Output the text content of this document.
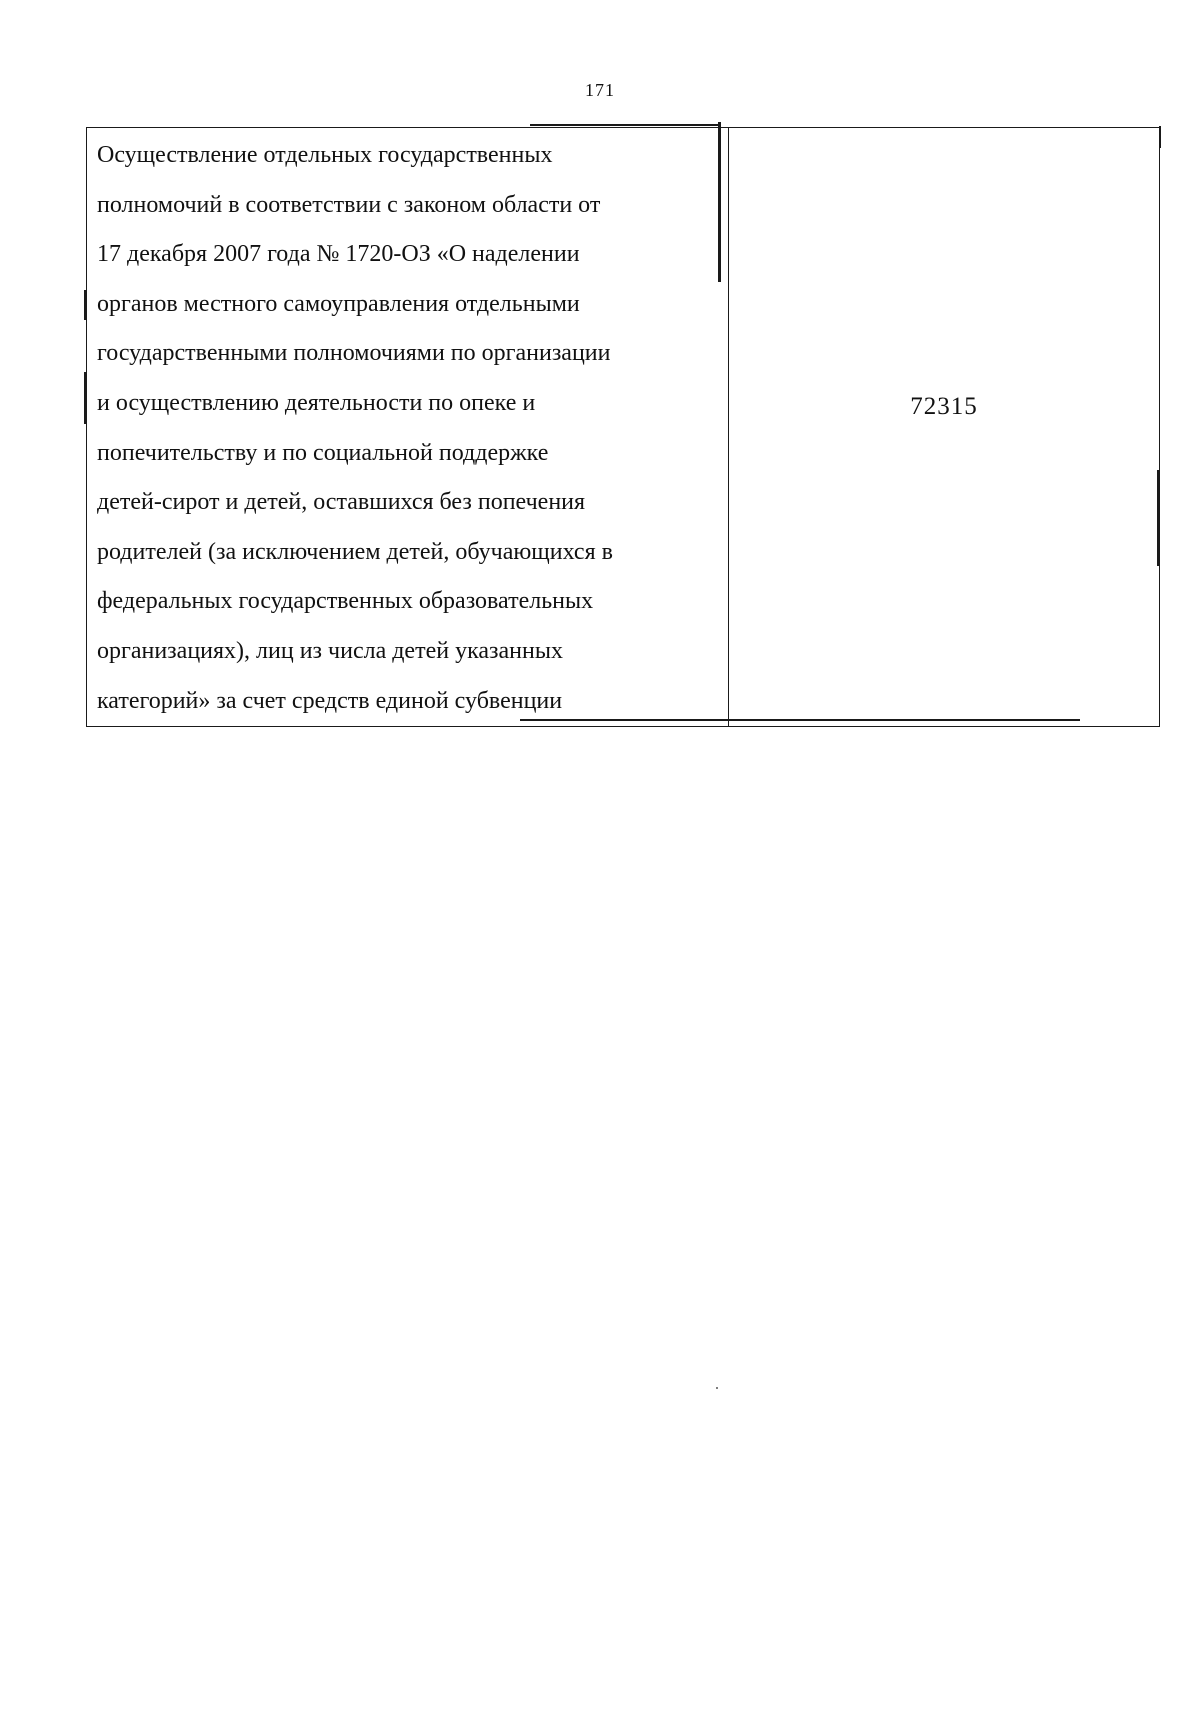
171
Осуществление отдельных государственных
полномочий в соответствии с законом области от
17 декабря 2007 года № 1720-ОЗ «О наделении
органов местного самоуправления отдельными
государственными полномочиями по организации
и осуществлению деятельности по опеке и
попечительству и по социальной поддержке
детей-сирот и детей, оставшихся без попечения
родителей (за исключением детей, обучающихся в
федеральных государственных образовательных
организациях), лиц из числа детей указанных
категорий» за счет средств единой субвенции
	72315
